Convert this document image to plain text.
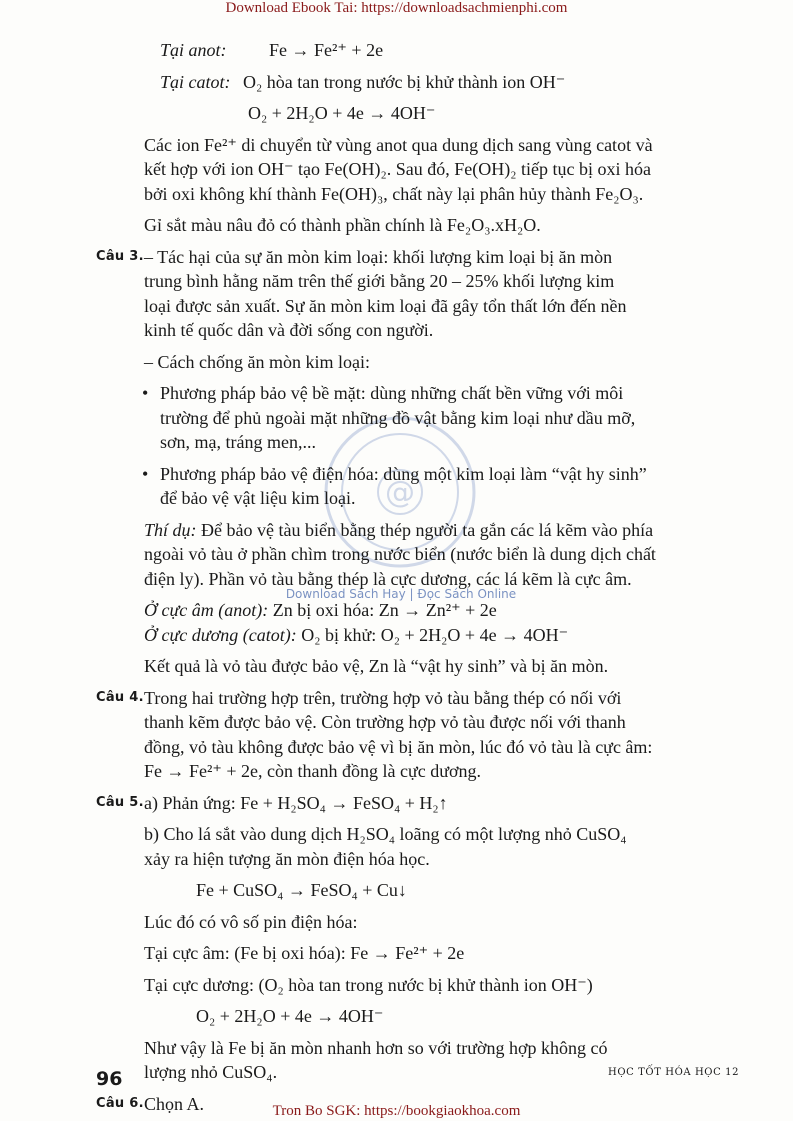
Download Ebook Tai: https://downloadsachmienphi.com
@
Download Sách Hay | Đọc Sách Online
Tại anot: Fe → Fe²⁺ + 2e
Tại catot: O₂ hòa tan trong nước bị khử thành ion OH⁻
O₂ + 2H₂O + 4e → 4OH⁻
Các ion Fe²⁺ di chuyển từ vùng anot qua dung dịch sang vùng catot và
kết hợp với ion OH⁻ tạo Fe(OH)₂. Sau đó, Fe(OH)₂ tiếp tục bị oxi hóa
bởi oxi không khí thành Fe(OH)₃, chất này lại phân hủy thành Fe₂O₃.
Gỉ sắt màu nâu đỏ có thành phần chính là Fe₂O₃.xH₂O.
Câu 3. – Tác hại của sự ăn mòn kim loại: khối lượng kim loại bị ăn mòn
trung bình hằng năm trên thế giới bằng 20 – 25% khối lượng kim
loại được sản xuất. Sự ăn mòn kim loại đã gây tổn thất lớn đến nền
kinh tế quốc dân và đời sống con người.
– Cách chống ăn mòn kim loại:
• Phương pháp bảo vệ bề mặt: dùng những chất bền vững với môi
trường để phủ ngoài mặt những đồ vật bằng kim loại như dầu mỡ,
sơn, mạ, tráng men,...
• Phương pháp bảo vệ điện hóa: dùng một kim loại làm “vật hy sinh”
để bảo vệ vật liệu kim loại.
Thí dụ: Để bảo vệ tàu biển bằng thép người ta gắn các lá kẽm vào phía
ngoài vỏ tàu ở phần chìm trong nước biển (nước biển là dung dịch chất
điện ly). Phần vỏ tàu bằng thép là cực dương, các lá kẽm là cực âm.
Ở cực âm (anot): Zn bị oxi hóa: Zn → Zn²⁺ + 2e
Ở cực dương (catot): O₂ bị khử: O₂ + 2H₂O + 4e → 4OH⁻
Kết quả là vỏ tàu được bảo vệ, Zn là “vật hy sinh” và bị ăn mòn.
Câu 4. Trong hai trường hợp trên, trường hợp vỏ tàu bằng thép có nối với
thanh kẽm được bảo vệ. Còn trường hợp vỏ tàu được nối với thanh
đồng, vỏ tàu không được bảo vệ vì bị ăn mòn, lúc đó vỏ tàu là cực âm:
Fe → Fe²⁺ + 2e, còn thanh đồng là cực dương.
Câu 5. a) Phản ứng: Fe + H₂SO₄ → FeSO₄ + H₂↑
b) Cho lá sắt vào dung dịch H₂SO₄ loãng có một lượng nhỏ CuSO₄
xảy ra hiện tượng ăn mòn điện hóa học.
Fe + CuSO₄ → FeSO₄ + Cu↓
Lúc đó có vô số pin điện hóa:
Tại cực âm: (Fe bị oxi hóa): Fe → Fe²⁺ + 2e
Tại cực dương: (O₂ hòa tan trong nước bị khử thành ion OH⁻)
O₂ + 2H₂O + 4e → 4OH⁻
Như vậy là Fe bị ăn mòn nhanh hơn so với trường hợp không có
lượng nhỏ CuSO₄.
Câu 6. Chọn A.
96	HỌC TỐT HÓA HỌC 12
Tron Bo SGK: https://bookgiaokhoa.com
